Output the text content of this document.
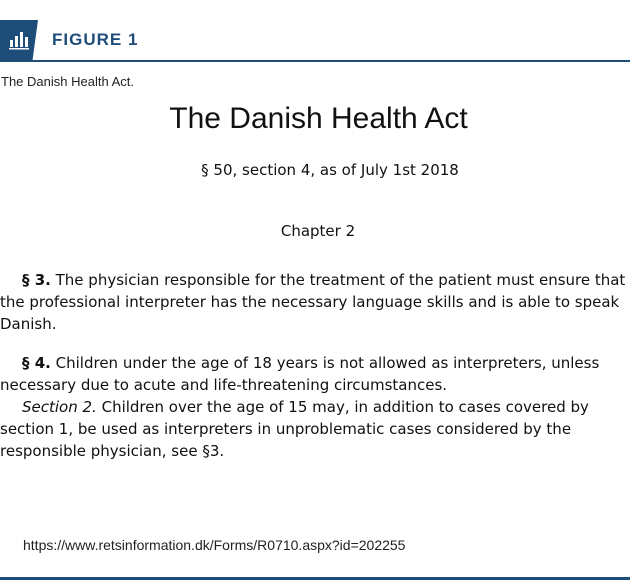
FIGURE 1
The Danish Health Act.
The Danish Health Act
§ 50, section 4, as of July 1st 2018
Chapter 2
§ 3. The physician responsible for the treatment of the patient must ensure that the professional interpreter has the necessary language skills and is able to speak Danish.
§ 4. Children under the age of 18 years is not allowed as interpreters, unless necessary due to acute and life-threatening circumstances.
Section 2. Children over the age of 15 may, in addition to cases covered by section 1, be used as interpreters in unproblematic cases considered by the responsible physician, see §3.
https://www.retsinformation.dk/Forms/R0710.aspx?id=202255
